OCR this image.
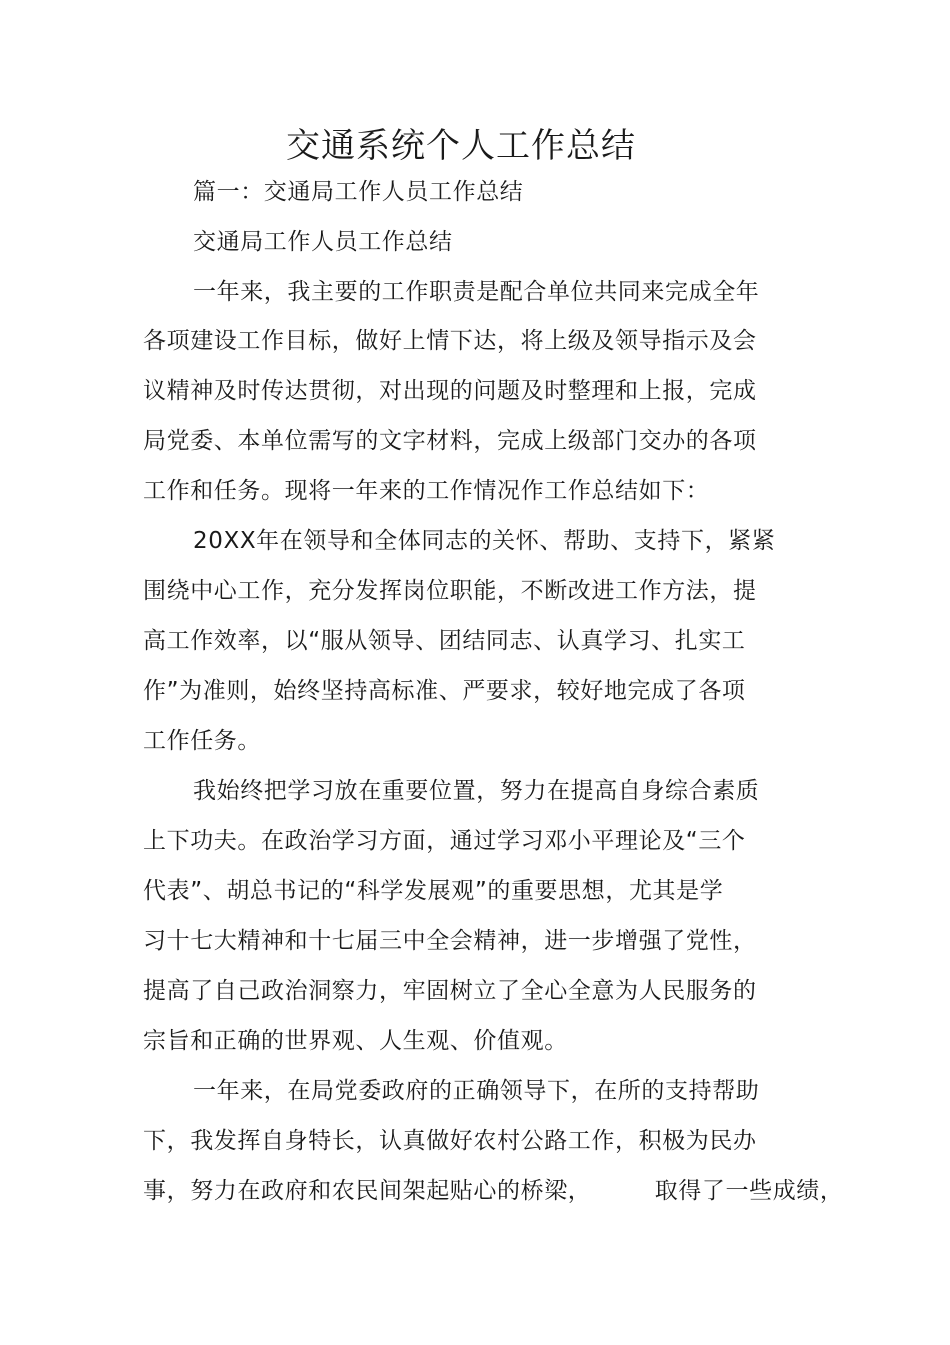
交通系统个人工作总结

篇一：交通局工作人员工作总结

交通局工作人员工作总结

一年来，我主要的工作职责是配合单位共同来完成全年

各项建设工作目标，做好上情下达，将上级及领导指示及会

议精神及时传达贯彻，对出现的问题及时整理和上报，完成

局党委、本单位需写的文字材料，完成上级部门交办的各项

工作和任务。现将一年来的工作情况作工作总结如下：

20XX年在领导和全体同志的关怀、帮助、支持下，紧紧

围绕中心工作，充分发挥岗位职能，不断改进工作方法，提

高工作效率，以“服从领导、团结同志、认真学习、扎实工

作”为准则，始终坚持高标准、严要求，较好地完成了各项

工作任务。

我始终把学习放在重要位置，努力在提高自身综合素质

上下功夫。在政治学习方面，通过学习邓小平理论及“三个

代表”、胡总书记的“科学发展观”的重要思想，尤其是学

习十七大精神和十七届三中全会精神，进一步增强了党性，

提高了自己政治洞察力，牢固树立了全心全意为人民服务的

宗旨和正确的世界观、人生观、价值观。

一年来，在局党委政府的正确领导下，在所的支持帮助

下，我发挥自身特长，认真做好农村公路工作，积极为民办

事，努力在政府和农民间架起贴心的桥梁，        取得了一些成绩，
